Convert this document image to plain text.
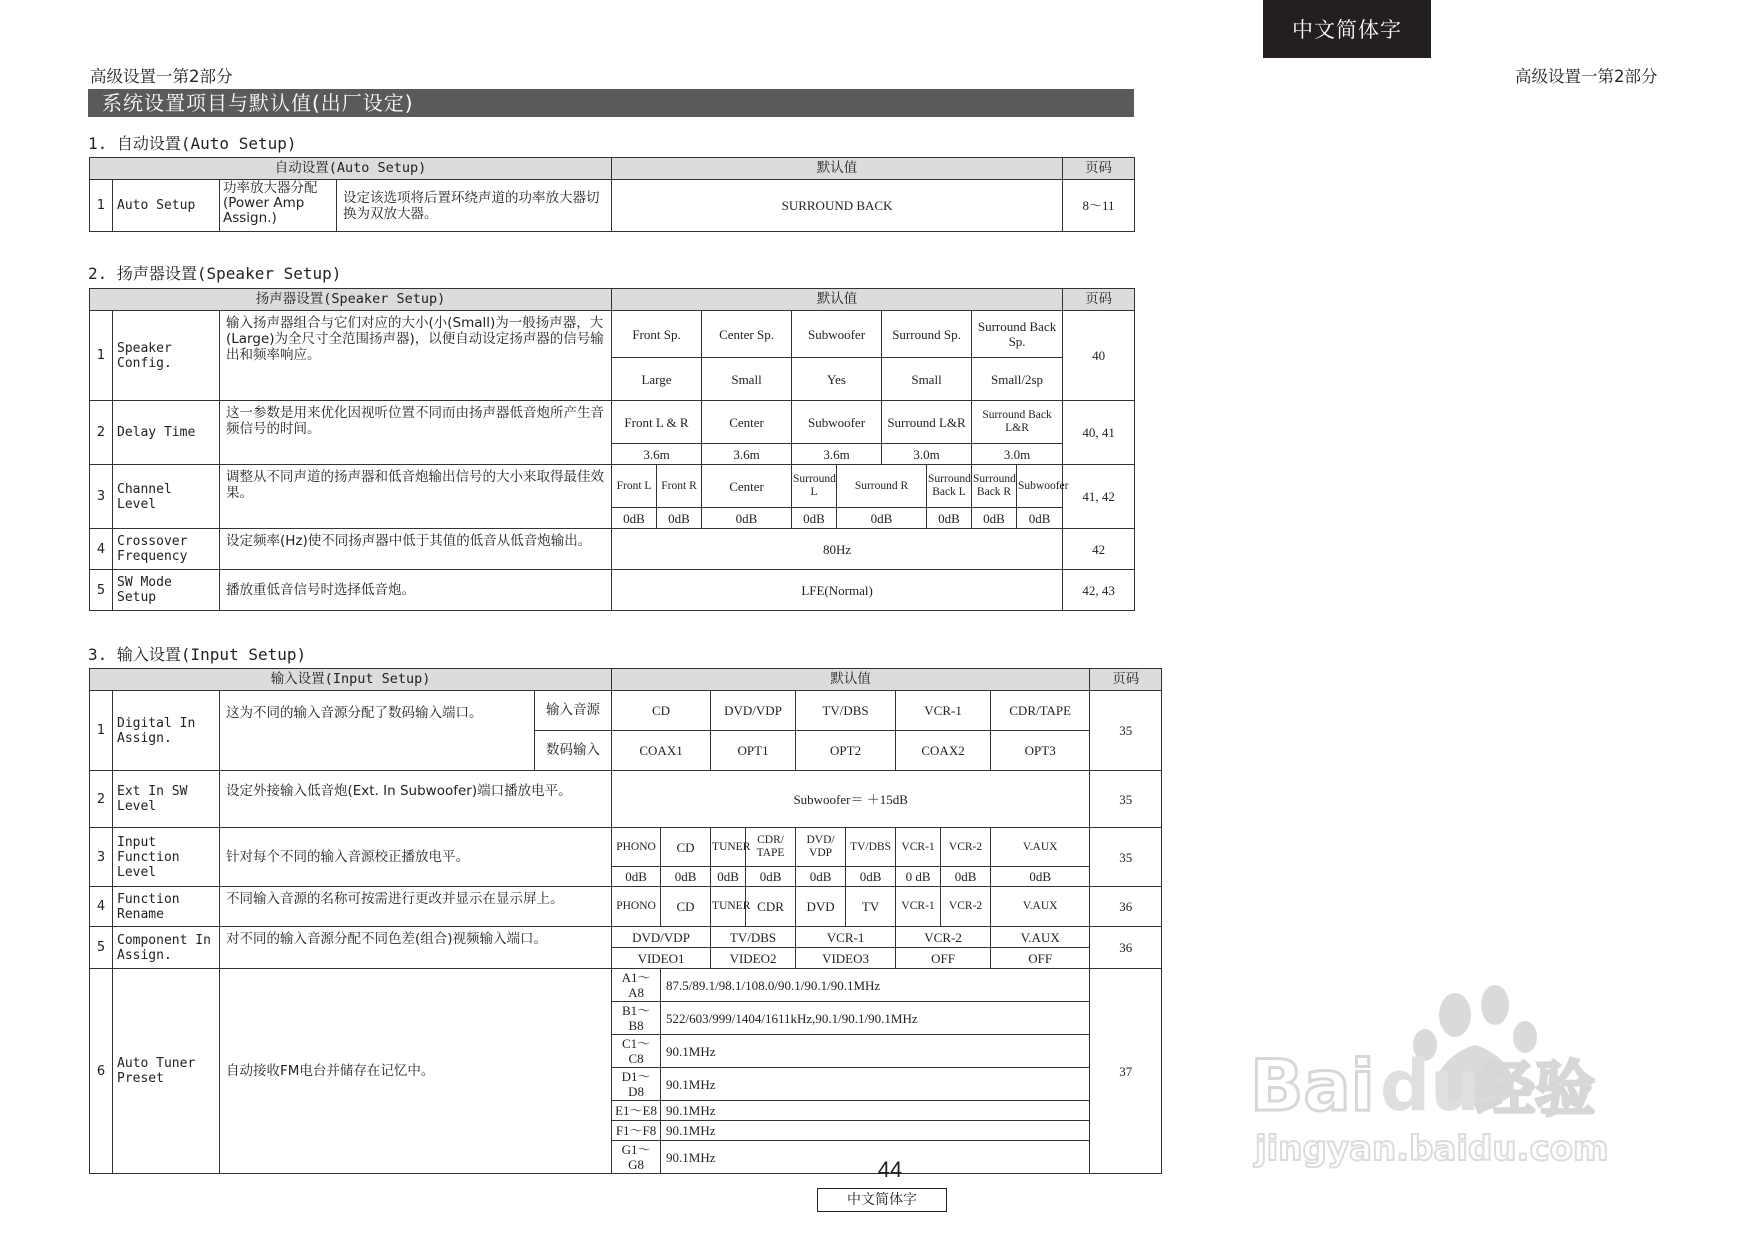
中文简体字
高级设置一第2部分	高级设置一第2部分
系统设置项目与默认值(出厂设定)
1. 自动设置(Auto Setup)
自动设置(Auto Setup)				默认值	页码
1	Auto Setup	功率放大器分配(Power Amp Assign.)	设定该选项将后置环绕声道的功率放大器切换为双放大器。	SURROUND BACK	8～11
2. 扬声器设置(Speaker Setup)
扬声器设置(Speaker Setup)			默认值									页码
1	Speaker Config.	输入扬声器组合与它们对应的大小(小(Small)为一般扬声器，大(Large)为全尺寸全范围扬声器)，以便自动设定扬声器的信号输出和频率响应。	Front Sp.		Center Sp.	Subwoofer		Surround Sp.		Surround Back Sp.		40
			Large		Small	Yes		Small		Small/2sp		
2	Delay Time	这一参数是用来优化因视听位置不同而由扬声器低音炮所产生音频信号的时间。	Front L & R		Center	Subwoofer		Surround L&R		Surround Back L&R		40, 41
			3.6m		3.6m	3.6m		3.0m		3.0m		
3	Channel Level	调整从不同声道的扬声器和低音炮输出信号的大小来取得最佳效果。	Front L	Front R	Center	Surround L	Surround R		Surround Back L	Surround Back R	Subwoofer	41, 42
			0dB	0dB	0dB	0dB	0dB		0dB	0dB	0dB	
4	Crossover Frequency	设定频率(Hz)使不同扬声器中低于其值的低音从低音炮输出。	80Hz									42
5	SW Mode Setup	播放重低音信号时选择低音炮。	LFE(Normal)									42, 43
3. 输入设置(Input Setup)
输入设置(Input Setup)				默认值									页码
1	Digital In Assign.	这为不同的输入音源分配了数码输入端口。	输入音源	CD		DVD/VDP		TV/DBS		VCR-1		CDR/TAPE	35
			数码输入	COAX1		OPT1		OPT2		COAX2		OPT3	
2	Ext In SW Level	设定外接输入低音炮(Ext. In Subwoofer)端口播放电平。		Subwoofer＝ ＋15dB									35
3	Input Function Level	针对每个不同的输入音源校正播放电平。		PHONO	CD	TUNER	CDR/ TAPE	DVD/ VDP	TV/DBS	VCR-1	VCR-2	V.AUX	35
				0dB	0dB	0dB	0dB	0dB	0dB	0 dB	0dB	0dB	
4	Function Rename	不同输入音源的名称可按需进行更改并显示在显示屏上。		PHONO	CD	TUNER	CDR	DVD	TV	VCR-1	VCR-2	V.AUX	36
5	Component In Assign.	对不同的输入音源分配不同色差(组合)视频输入端口。		DVD/VDP		TV/DBS		VCR-1		VCR-2		V.AUX	36
				VIDEO1		VIDEO2		VIDEO3		OFF		OFF	
6	Auto Tuner Preset	自动接收FM电台并储存在记忆中。		A1～A8	87.5/89.1/98.1/108.0/90.1/90.1/90.1MHz								37
				B1～B8	522/603/999/1404/1611kHz,90.1/90.1/90.1MHz								
				C1～C8	90.1MHz								
				D1～D8	90.1MHz								
				E1～E8	90.1MHz								
				F1～F8	90.1MHz								
				G1～G8	90.1MHz									44
中文简体字
Bai du
经验
jingyan.baidu.com
